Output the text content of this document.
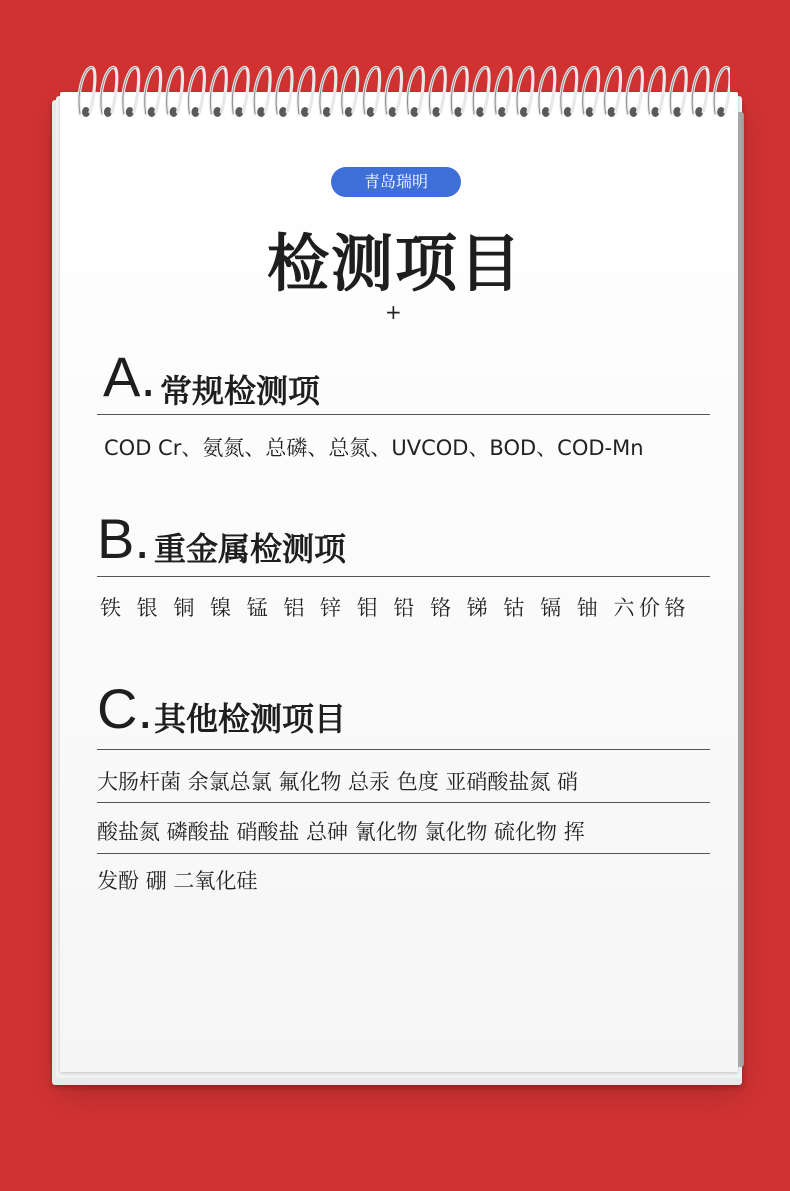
青岛瑞明
检测项目
+
A. 常规检测项
COD Cr、氨氮、总磷、总氮、UVCOD、BOD、COD-Mn
B. 重金属检测项
铁 银 铜 镍 锰 铝 锌 钼 铅 铬 锑 钴 镉 铀 六价铬
C. 其他检测项目
大肠杆菌 余氯总氯 氟化物 总汞 色度 亚硝酸盐氮 硝
酸盐氮 磷酸盐 硝酸盐 总砷 氰化物 氯化物 硫化物 挥
发酚 硼 二氧化硅
